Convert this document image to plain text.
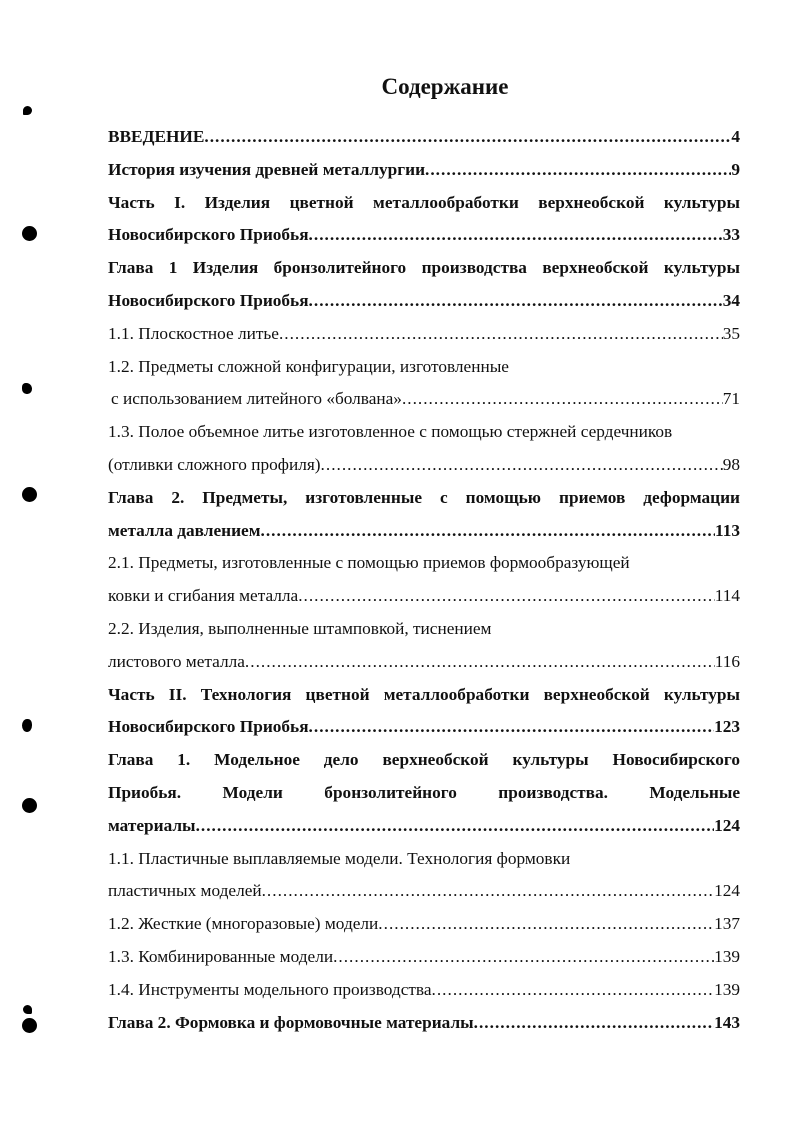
Содержание

ВВЕДЕНИЕ .....	4

История изучения древней металлургии .....	9

Часть I. Изделия цветной металлообработки верхнеобской культуры

Новосибирского Приобья .....	33

Глава 1 Изделия бронзолитейного производства верхнеобской культуры

Новосибирского Приобья .....	34

1.1. Плоскостное литье .....	35

1.2. Предметы сложной конфигурации, изготовленные

с использованием литейного «болвана» .....	71

1.3. Полое объемное литье изготовленное с помощью стержней сердечников

(отливки сложного профиля) .....	98

Глава 2. Предметы, изготовленные с помощью приемов деформации

металла давлением .....	113

2.1. Предметы, изготовленные с помощью приемов формообразующей

ковки и сгибания металла .....	114

2.2. Изделия, выполненные штамповкой, тиснением

листового металла .....	116

Часть II. Технология цветной металлообработки верхнеобской культуры

Новосибирского Приобья .....	123

Глава 1. Модельное дело верхнеобской культуры Новосибирского

Приобья. Модели бронзолитейного производства. Модельные

материалы .....	124

1.1. Пластичные выплавляемые модели. Технология формовки

пластичных моделей .....	124

1.2. Жесткие (многоразовые) модели .....	137

1.3. Комбинированные модели .....	139

1.4. Инструменты модельного производства .....	139

Глава 2. Формовка и формовочные материалы .....	143
